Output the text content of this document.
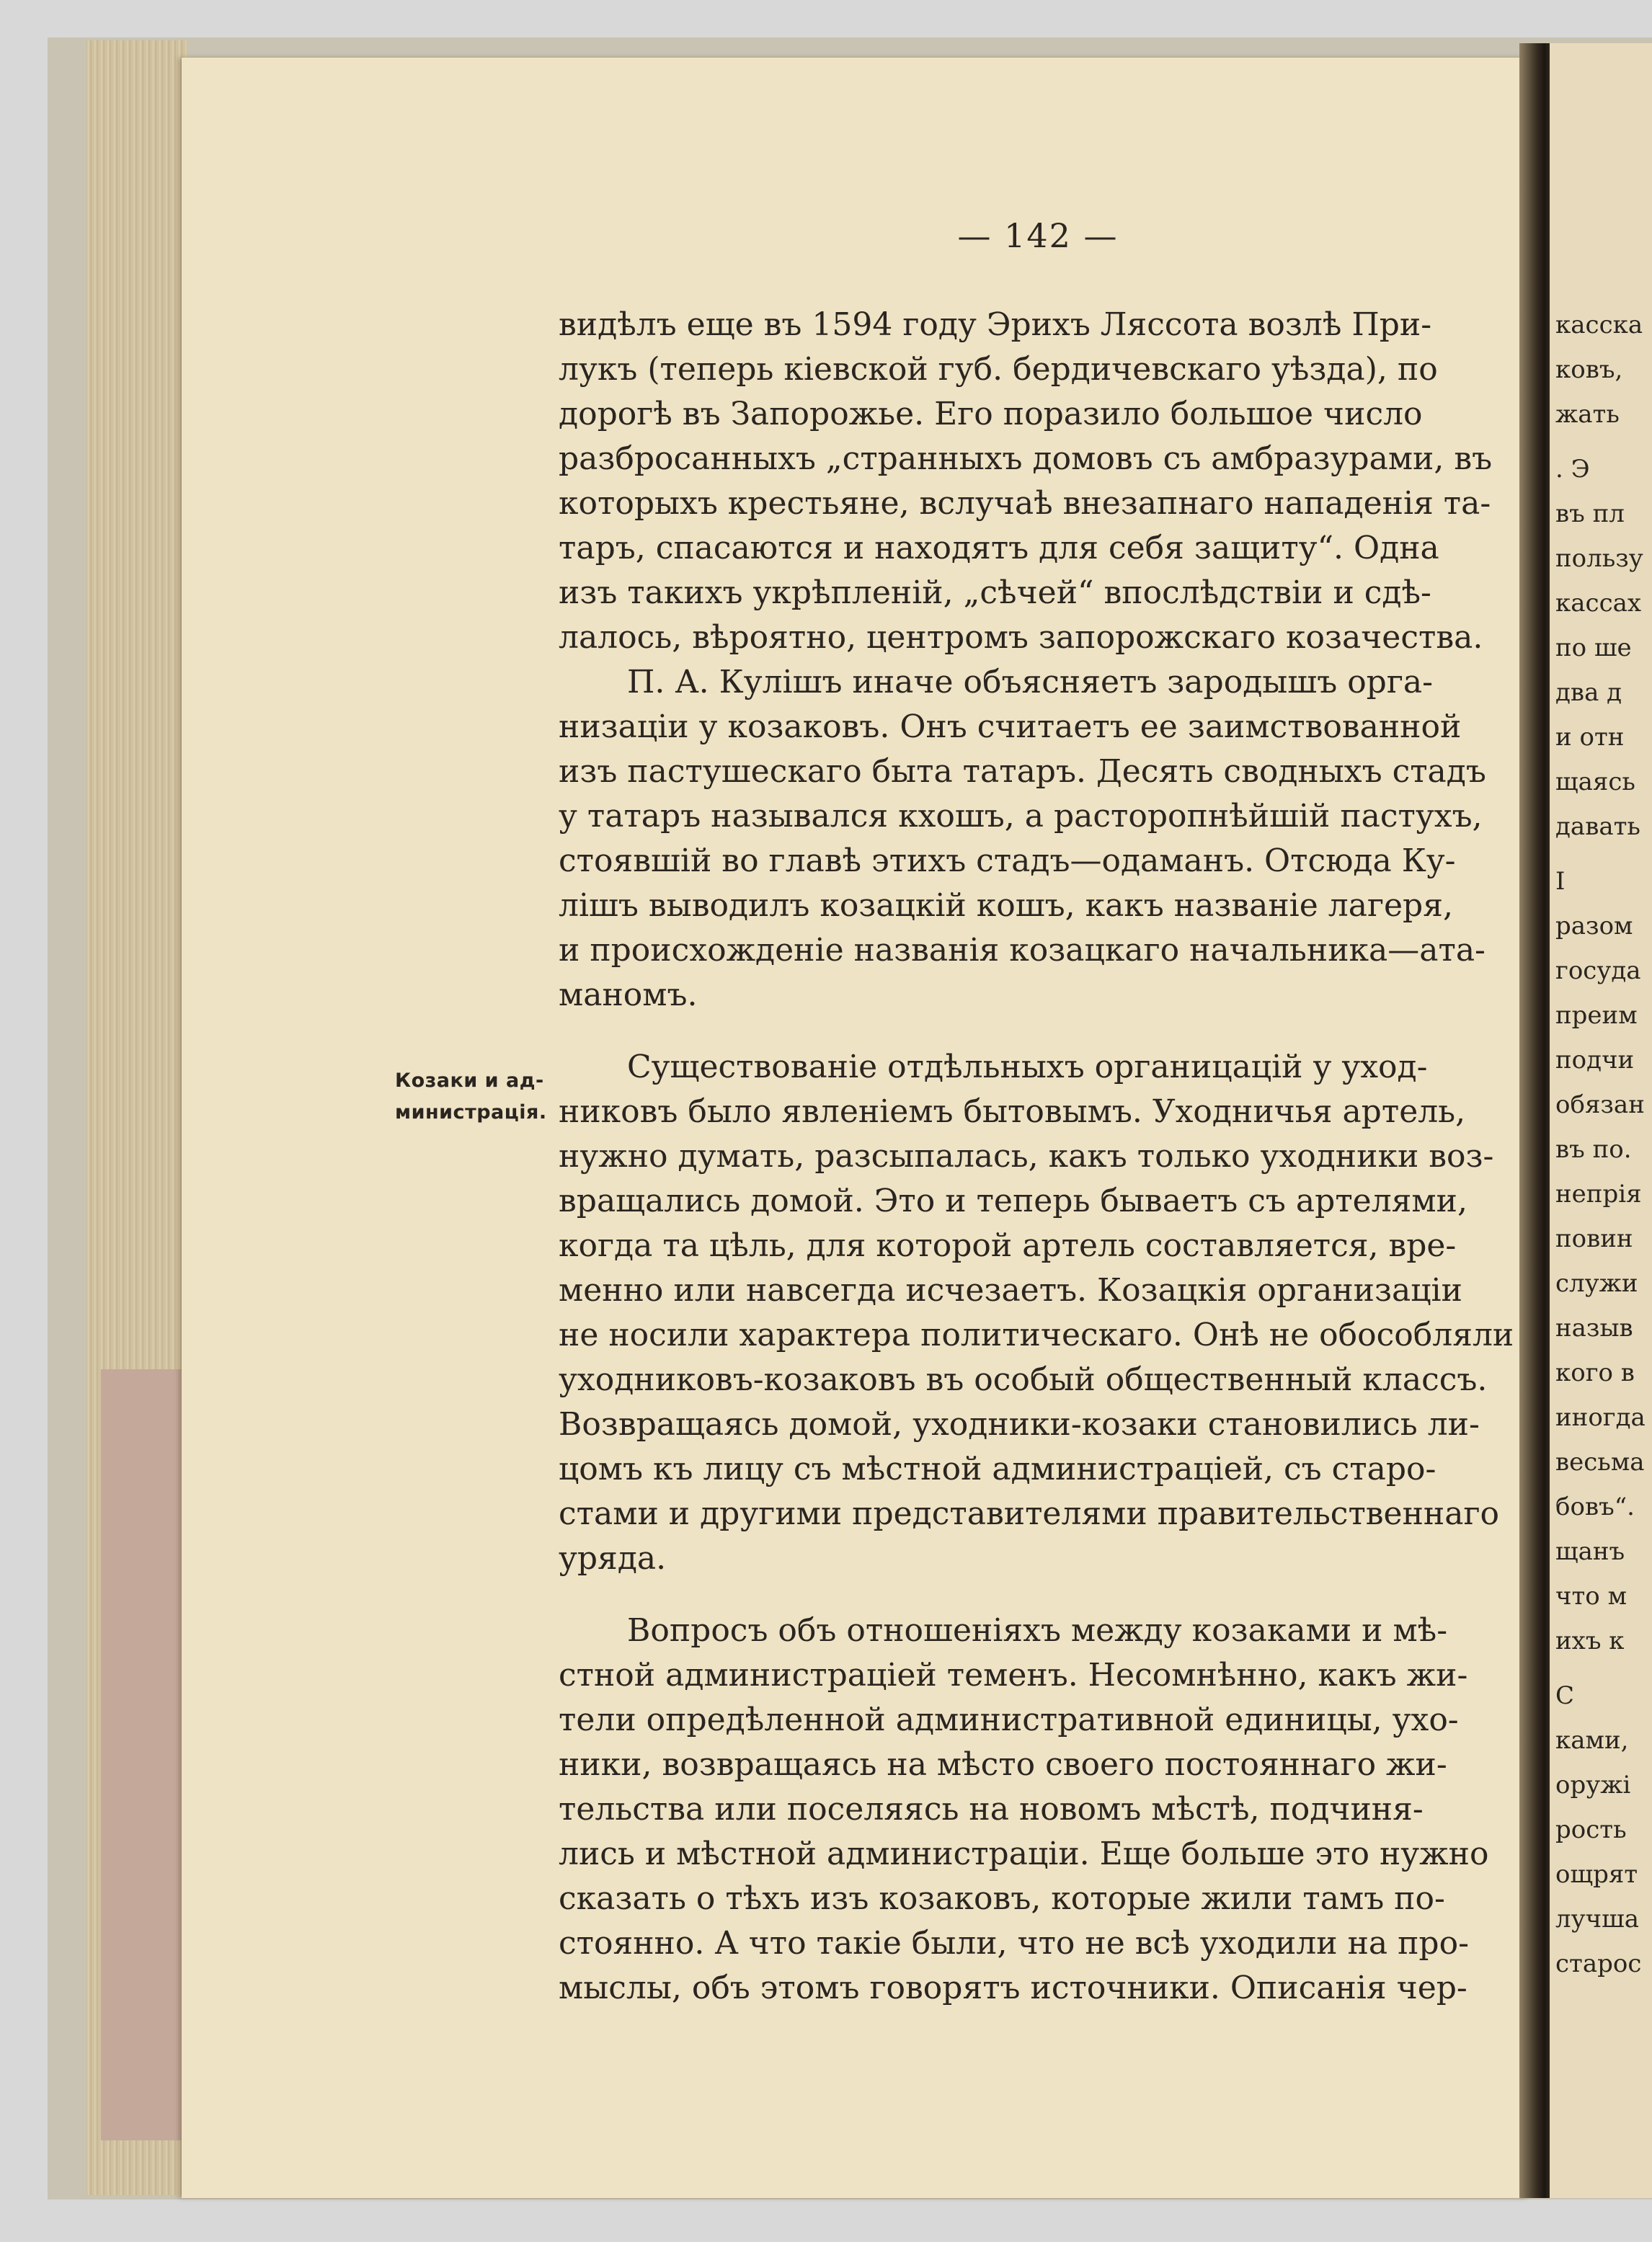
— 142 —
Козаки и ад-
министрація.
видѣлъ еще въ 1594 году Эрихъ Ляссота возлѣ При-
лукъ (теперь кіевской губ. бердичевскаго уѣзда), по
дорогѣ въ Запорожье. Его поразило большое число
разбросанныхъ „странныхъ домовъ съ амбразурами, въ
которыхъ крестьяне, вслучаѣ внезапнаго нападенія та-
таръ, спасаются и находятъ для себя защиту“. Одна
изъ такихъ укрѣпленій, „сѣчей“ впослѣдствіи и сдѣ-
лалось, вѣроятно, центромъ запорожскаго козачества.
П. А. Кулішъ иначе объясняетъ зародышъ орга-
низаціи у козаковъ. Онъ считаетъ ее заимствованной
изъ пастушескаго быта татаръ. Десять сводныхъ стадъ
у татаръ назывался кхошъ, а расторопнѣйшій пастухъ,
стоявшій во главѣ этихъ стадъ—одаманъ. Отсюда Ку-
лішъ выводилъ козацкій кошъ, какъ названіе лагеря,
и происхожденіе названія козацкаго начальника—ата-
маномъ.
Существованіе отдѣльныхъ органицацій у уход-
никовъ было явленіемъ бытовымъ. Уходничья артель,
нужно думать, разсыпалась, какъ только уходники воз-
вращались домой. Это и теперь бываетъ съ артелями,
когда та цѣль, для которой артель составляется, вре-
менно или навсегда исчезаетъ. Козацкія организаціи
не носили характера политическаго. Онѣ не обособляли
уходниковъ-козаковъ въ особый общественный классъ.
Возвращаясь домой, уходники-козаки становились ли-
цомъ къ лицу съ мѣстной администраціей, съ старо-
стами и другими представителями правительственнаго
уряда.
Вопросъ объ отношеніяхъ между козаками и мѣ-
стной администраціей теменъ. Несомнѣнно, какъ жи-
тели опредѣленной административной единицы, ухо-
ники, возвращаясь на мѣсто своего постояннаго жи-
тельства или поселяясь на новомъ мѣстѣ, подчиня-
лись и мѣстной администраціи. Еще больше это нужно
сказать о тѣхъ изъ козаковъ, которые жили тамъ по-
стоянно. А что такіе были, что не всѣ уходили на про-
мыслы, объ этомъ говорятъ источники. Описанія чер-
касска
ковъ,
жать
. Э
въ пл
пользу
кассах
по ше
два д
и отн
щаясь
давать
І
разом
госуда
преим
подчи
обязан
въ по.
непрія
повин
служи
назыв
кого в
иногда
весьма
бовъ“.
щанъ
что м
ихъ к
С
ками,
оружі
рость
ощрят
лучша
старос
